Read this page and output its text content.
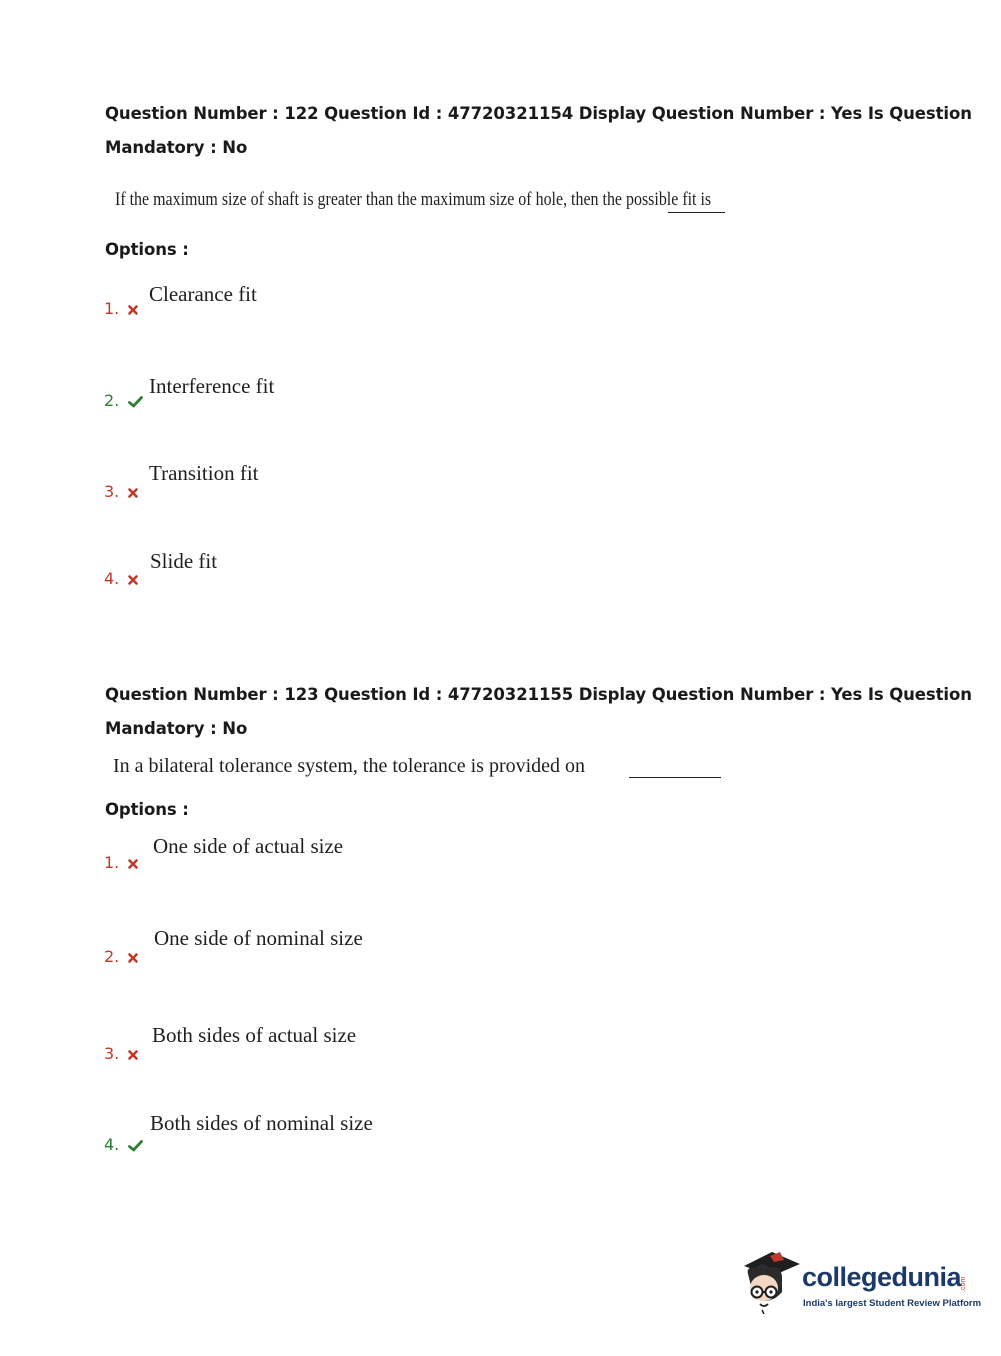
Question Number : 122 Question Id : 47720321154 Display Question Number : Yes Is Question
Mandatory : No
If the maximum size of shaft is greater than the maximum size of hole, then the possible fit is
Options :
1.
Clearance fit
2.
Interference fit
3.
Transition fit
4.
Slide fit
Question Number : 123 Question Id : 47720321155 Display Question Number : Yes Is Question
Mandatory : No
In a bilateral tolerance system, the tolerance is provided on
Options :
1.
One side of actual size
2.
One side of nominal size
3.
Both sides of actual size
4.
Both sides of nominal size
collegedunia
.com
India's largest Student Review Platform
